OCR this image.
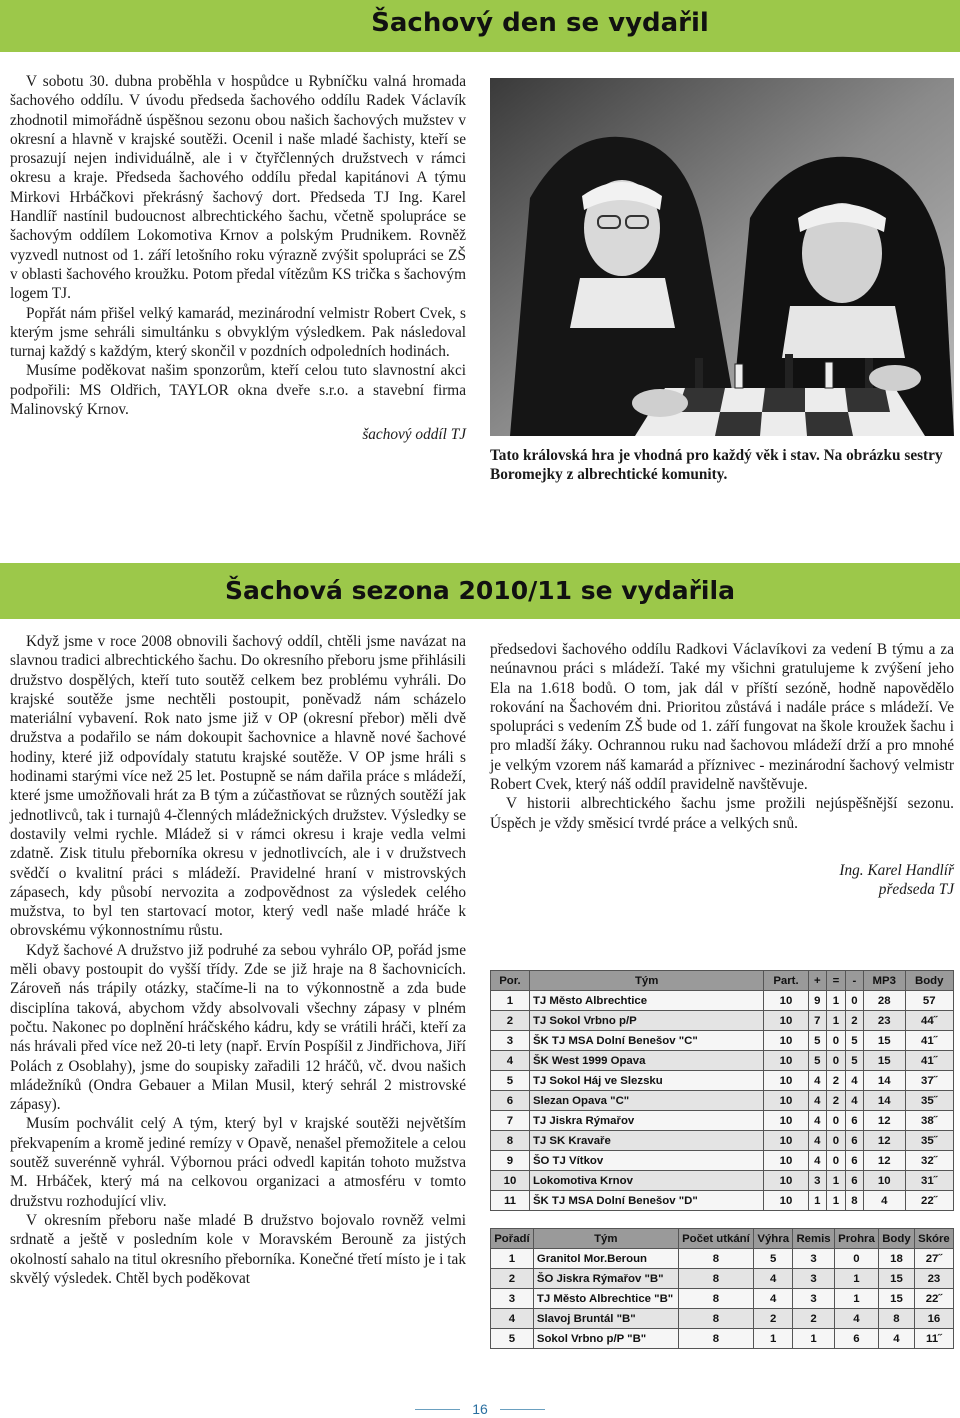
Šachový den se vydařil

V sobotu 30. dubna proběhla v hospůdce u Rybníčku valná hromada šachového oddílu. V úvodu předseda šachového oddílu Radek Václavík zhodnotil mimořádně úspěšnou sezonu obou našich šachových mužstev v okresní a hlavně v krajské soutěži. Ocenil i naše mladé šachisty, kteří se prosazují nejen individuálně, ale i v čtyřčlenných družstvech v rámci okresu a kraje. Předseda šachového oddílu předal kapitánovi A týmu Mirkovi Hrbáčkovi překrásný šachový dort. Předseda TJ Ing. Karel Handlíř nastínil budoucnost albrechtického šachu, včetně spolupráce se šachovým oddílem Lokomotiva Krnov a polským Prudnikem. Rovněž vyzvedl nutnost od 1. září letošního roku výrazně zvýšit spolupráci se ZŠ v oblasti šachového kroužku. Potom předal vítězům KS trička s šachovým logem TJ.

Popřát nám přišel velký kamarád, mezinárodní velmistr Robert Cvek, s kterým jsme sehráli simultánku s obvyklým výsledkem. Pak následoval turnaj každý s každým, který skončil v pozdních odpoledních hodinách.

Musíme poděkovat našim sponzorům, kteří celou tuto slavnostní akci podpořili: MS Oldřich, TAYLOR okna dveře s.r.o. a stavební firma Malinovský Krnov.

šachový oddíl TJ

Tato královská hra je vhodná pro každý věk i stav. Na obrázku sestry Boromejky z albrechtické komunity.
Šachová sezona 2010/11 se vydařila

Když jsme v roce 2008 obnovili šachový oddíl, chtěli jsme navázat na slavnou tradici albrechtického šachu. Do okresního přeboru jsme přihlásili družstvo dospělých, kteří tuto soutěž celkem bez problému vyhráli. Do krajské soutěže jsme nechtěli postoupit, poněvadž nám scházelo materiální vybavení. Rok nato jsme již v OP (okresní přebor) měli dvě družstva a podařilo se nám dokoupit šachovnice a hlavně nové šachové hodiny, které již odpovídaly statutu krajské soutěže. V OP jsme hráli s hodinami starými více než 25 let. Postupně se nám dařila práce s mládeží, které jsme umožňovali hrát za B tým a zúčastňovat se různých soutěží jak jednotlivců, tak i turnajů 4-členných mládežnických družstev. Výsledky se dostavily velmi rychle. Mládež si v rámci okresu i kraje vedla velmi zdatně. Zisk titulu přeborníka okresu v jednotlivcích, ale i v družstvech svědčí o kvalitní práci s mládeží. Pravidelné hraní v mistrovských zápasech, kdy působí nervozita a zodpovědnost za výsledek celého mužstva, to byl ten startovací motor, který vedl naše mladé hráče k obrovskému výkonnostnímu růstu.

Když šachové A družstvo již podruhé za sebou vyhrálo OP, pořád jsme měli obavy postoupit do vyšší třídy. Zde se již hraje na 8 šachovnicích. Zároveň nás trápily otázky, stačíme-li na to výkonnostně a zda bude disciplína taková, abychom vždy absolvovali všechny zápasy v plném počtu. Nakonec po doplnění hráčského kádru, kdy se vrátili hráči, kteří za nás hrávali před více než 20-ti lety (např. Ervín Pospíšil z Jindřichova, Jiří Polách z Osoblahy), jsme do soupisky zařadili 12 hráčů, vč. dvou našich mládežníků (Ondra Gebauer a Milan Musil, který sehrál 2 mistrovské zápasy).

Musím pochválit celý A tým, který byl v krajské soutěži největším překvapením a kromě jediné remízy v Opavě, nenašel přemožitele a celou soutěž suverénně vyhrál. Výbornou práci odvedl kapitán tohoto mužstva M. Hrbáček, který má na celkovou organizaci a atmosféru v tomto družstvu rozhodující vliv.

V okresním přeboru naše mladé B družstvo bojovalo rovněž velmi srdnatě a ještě v posledním kole v Moravském Berouně za jistých okolností sahalo na titul okresního přeborníka. Konečné třetí místo je i tak skvělý výsledek. Chtěl bych poděkovat

předsedovi šachového oddílu Radkovi Václavíkovi za vedení B týmu a za neúnavnou práci s mládeží. Také my všichni gratulujeme k zvýšení jeho Ela na 1.618 bodů. O tom, jak dál v příští sezóně, hodně napovědělo rokování na Šachovém dni. Prioritou zůstává i nadále práce s mládeží. Ve spolupráci s vedením ZŠ bude od 1. září fungovat na škole kroužek šachu i pro mladší žáky. Ochrannou ruku nad šachovou mládeží drží a pro mnohé je velkým vzorem náš kamarád a příznivec - mezinárodní šachový velmistr Robert Cvek, který náš oddíl pravidelně navštěvuje.

V historii albrechtického šachu jsme prožili nejúspěšnější sezonu. Úspěch je vždy směsicí tvrdé práce a velkých snů.

Ing. Karel Handlíř

předseda TJ

Por.	Tým	Part.	+	=	-	MP3	Body
1	TJ Město Albrechtice	10	9	1	0	28	57
2	TJ Sokol Vrbno p/P	10	7	1	2	23	44˝
3	ŠK TJ MSA Dolní Benešov "C"	10	5	0	5	15	41˝
4	ŠK West 1999 Opava	10	5	0	5	15	41˝
5	TJ Sokol Háj ve Slezsku	10	4	2	4	14	37˝
6	Slezan Opava "C"	10	4	2	4	14	35˝
7	TJ Jiskra Rýmařov	10	4	0	6	12	38˝
8	TJ SK Kravaře	10	4	0	6	12	35˝
9	ŠO TJ Vítkov	10	4	0	6	12	32˝
10	Lokomotiva Krnov	10	3	1	6	10	31˝
11	ŠK TJ MSA Dolní Benešov "D"	10	1	1	8	4	22˝
Pořadí	Tým	Počet utkání	Výhra	Remis	Prohra	Body	Skóre
1	Granitol Mor.Beroun	8	5	3	0	18	27˝
2	ŠO Jiskra Rýmařov "B"	8	4	3	1	15	23
3	TJ Město Albrechtice "B"	8	4	3	1	15	22˝
4	Slavoj Bruntál "B"	8	2	2	4	8	16
5	Sokol Vrbno p/P "B"	8	1	1	6	4	11˝
16
